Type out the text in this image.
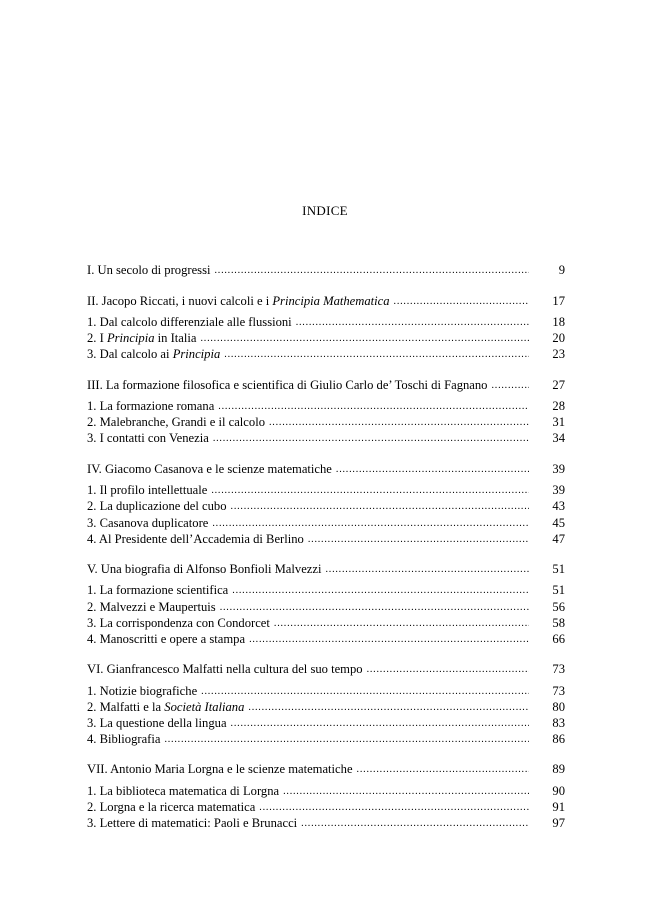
INDICE
I. Un secolo di progressi .....	9
II. Jacopo Riccati, i nuovi calcoli e i Principia Mathematica .....	17
1. Dal calcolo differenziale alle flussioni .....	18
2. I Principia in Italia .....	20
3. Dal calcolo ai Principia .....	23
III. La formazione filosofica e scientifica di Giulio Carlo de’ Toschi di Fagnano .....	27
1. La formazione romana .....	28
2. Malebranche, Grandi e il calcolo .....	31
3. I contatti con Venezia .....	34
IV. Giacomo Casanova e le scienze matematiche .....	39
1. Il profilo intellettuale .....	39
2. La duplicazione del cubo .....	43
3. Casanova duplicatore .....	45
4. Al Presidente dell’Accademia di Berlino .....	47
V. Una biografia di Alfonso Bonfioli Malvezzi .....	51
1. La formazione scientifica .....	51
2. Malvezzi e Maupertuis .....	56
3. La corrispondenza con Condorcet .....	58
4. Manoscritti e opere a stampa .....	66
VI. Gianfrancesco Malfatti nella cultura del suo tempo .....	73
1. Notizie biografiche .....	73
2. Malfatti e la Società Italiana .....	80
3. La questione della lingua .....	83
4. Bibliografia .....	86
VII. Antonio Maria Lorgna e le scienze matematiche .....	89
1. La biblioteca matematica di Lorgna .....	90
2. Lorgna e la ricerca matematica .....	91
3. Lettere di matematici: Paoli e Brunacci .....	97
